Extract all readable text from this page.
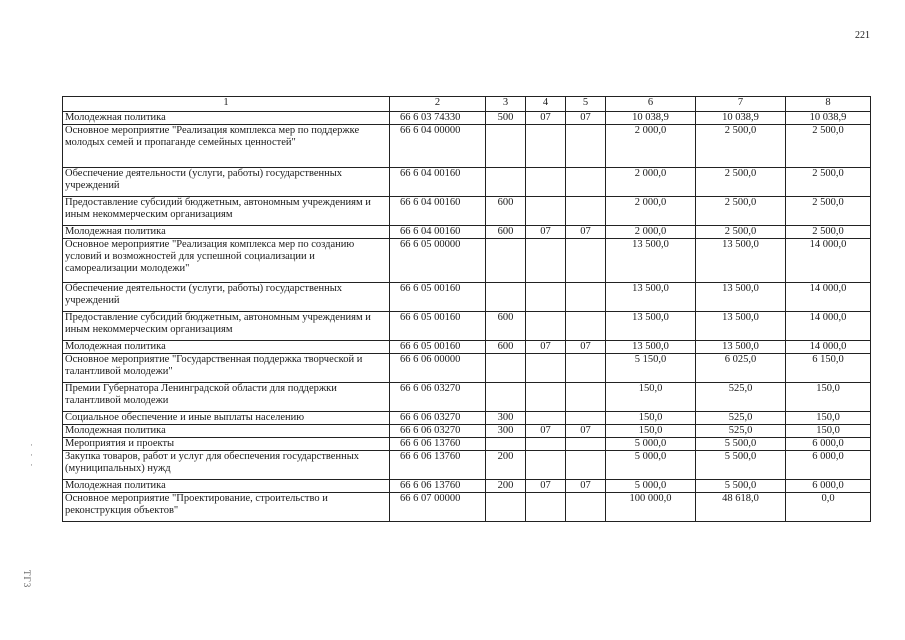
221
ТГ3
·
·
·
1	2	3	4	5	6	7	8
Молодежная политика	66 6 03 74330	500	07	07	10 038,9	10 038,9	10 038,9
Основное мероприятие "Реализация комплекса мер по поддержке молодых семей и пропаганде семейных ценностей"	66 6 04 00000				2 000,0	2 500,0	2 500,0
Обеспечение деятельности (услуги, работы) государственных учреждений	66 6 04 00160				2 000,0	2 500,0	2 500,0
Предоставление субсидий бюджетным, автономным учреждениям и иным некоммерческим организациям	66 6 04 00160	600			2 000,0	2 500,0	2 500,0
Молодежная политика	66 6 04 00160	600	07	07	2 000,0	2 500,0	2 500,0
Основное мероприятие "Реализация комплекса мер по созданию условий и возможностей для успешной социализации и самореализации молодежи"	66 6 05 00000				13 500,0	13 500,0	14 000,0
Обеспечение деятельности (услуги, работы) государственных учреждений	66 6 05 00160				13 500,0	13 500,0	14 000,0
Предоставление субсидий бюджетным, автономным учреждениям и иным некоммерческим организациям	66 6 05 00160	600			13 500,0	13 500,0	14 000,0
Молодежная политика	66 6 05 00160	600	07	07	13 500,0	13 500,0	14 000,0
Основное мероприятие "Государственная поддержка творческой и талантливой молодежи"	66 6 06 00000				5 150,0	6 025,0	6 150,0
Премии Губернатора Ленинградской области для поддержки талантливой молодежи	66 6 06 03270				150,0	525,0	150,0
Социальное обеспечение и иные выплаты населению	66 6 06 03270	300			150,0	525,0	150,0
Молодежная политика	66 6 06 03270	300	07	07	150,0	525,0	150,0
Мероприятия и проекты	66 6 06 13760				5 000,0	5 500,0	6 000,0
Закупка товаров, работ и услуг для обеспечения государственных (муниципальных) нужд	66 6 06 13760	200			5 000,0	5 500,0	6 000,0
Молодежная политика	66 6 06 13760	200	07	07	5 000,0	5 500,0	6 000,0
Основное мероприятие "Проектирование, строительство и реконструкция объектов"	66 6 07 00000				100 000,0	48 618,0	0,0
